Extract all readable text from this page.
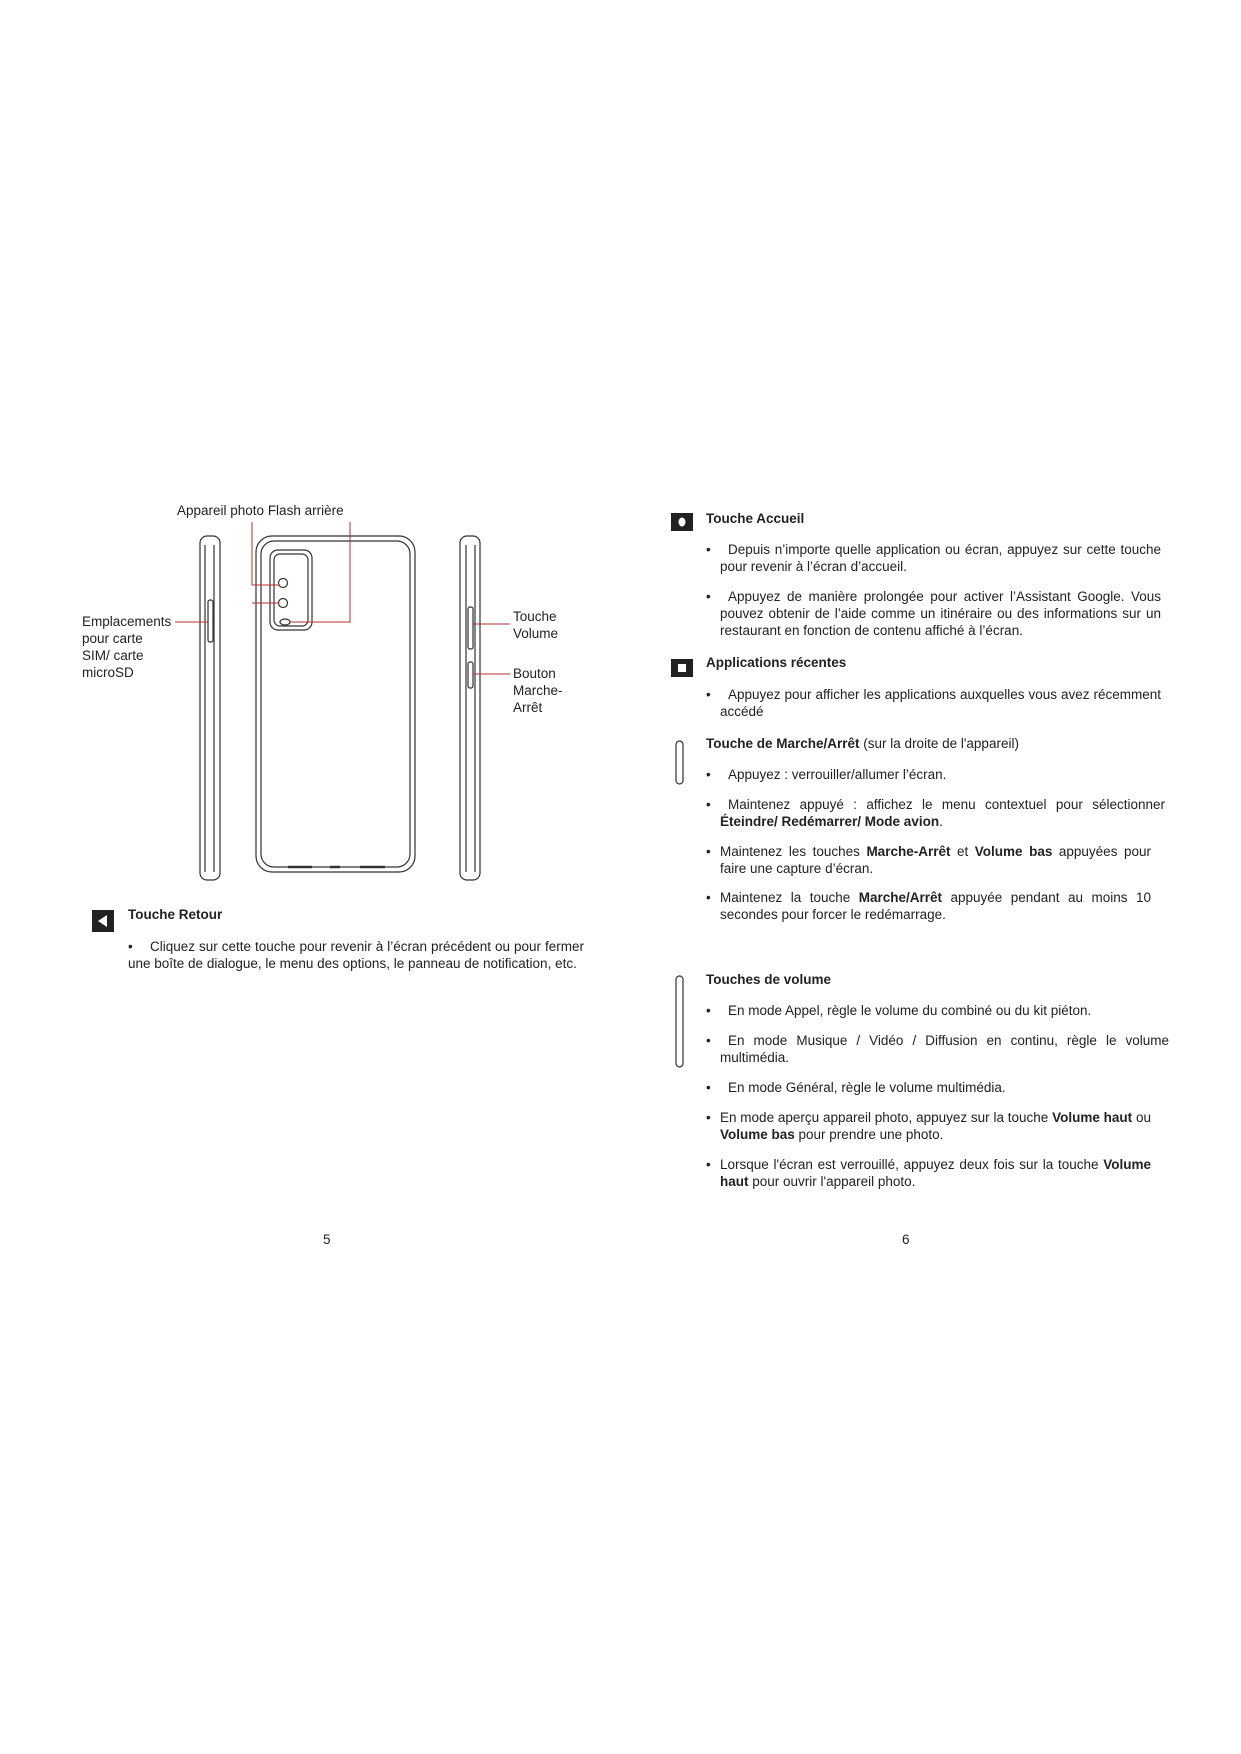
Appareil photo Flash arrière
Emplacements
pour carte
SIM/ carte
microSD
Touche
Volume
Bouton
Marche-
Arrêt
Touche Retour
•	Cliquez sur cette touche pour revenir à l’écran précédent ou pour fermer une boîte de dialogue, le menu des options, le panneau de notification, etc.
5
Touche Accueil
•	Depuis n’importe quelle application ou écran, appuyez sur cette touche pour revenir à l’écran d’accueil.
•	Appuyez de manière prolongée pour activer l’Assistant Google. Vous pouvez obtenir de l’aide comme un itinéraire ou des informations sur un restaurant en fonction de contenu affiché à l’écran.
Applications récentes
•	Appuyez pour afficher les applications auxquelles vous avez récemment accédé
Touche de Marche/Arrêt (sur la droite de l'appareil)
•	Appuyez : verrouiller/allumer l’écran.
•	Maintenez appuyé : affichez le menu contextuel pour sélectionner Éteindre/ Redémarrer/ Mode avion.
• Maintenez les touches Marche-Arrêt et Volume bas appuyées pour faire une capture d’écran.
• Maintenez la touche Marche/Arrêt appuyée pendant au moins 10 secondes pour forcer le redémarrage.
Touches de volume
•	En mode Appel, règle le volume du combiné ou du kit piéton.
•	En mode Musique / Vidéo / Diffusion en continu, règle le volume multimédia.
•	En mode Général, règle le volume multimédia.
• En mode aperçu appareil photo, appuyez sur la touche Volume haut ou Volume bas pour prendre une photo.
• Lorsque l'écran est verrouillé, appuyez deux fois sur la touche Volume haut pour ouvrir l'appareil photo.
6
